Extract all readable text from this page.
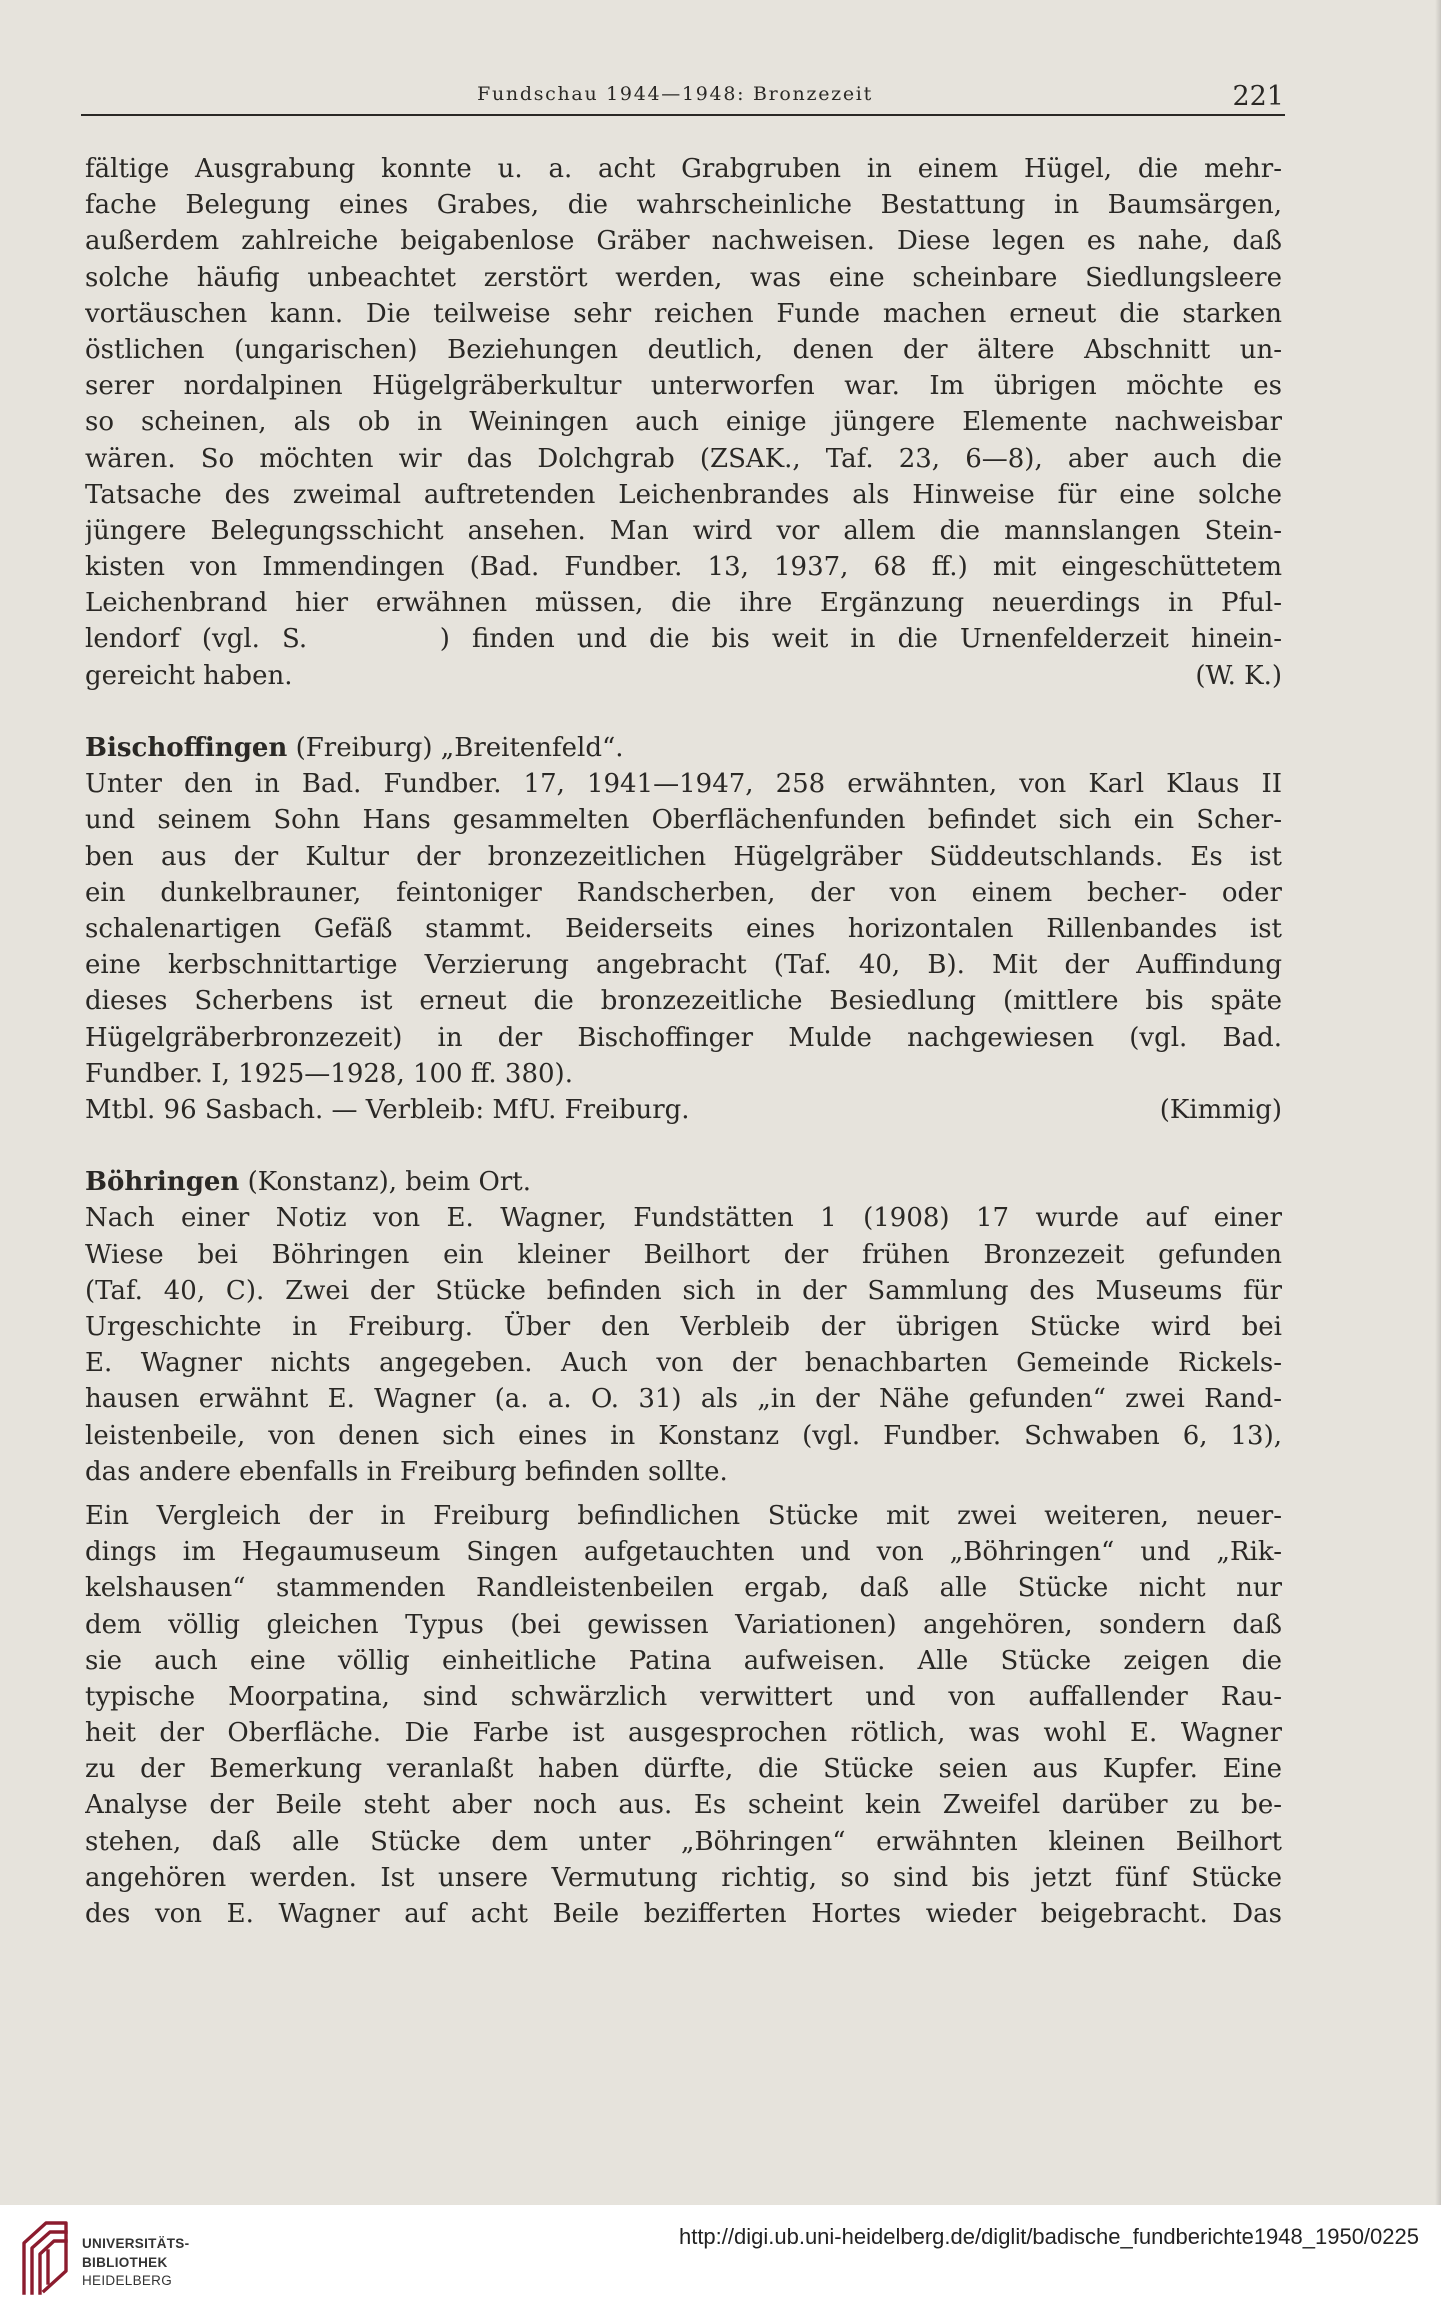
Fundschau 1944—1948: Bronzezeit	221
fältige Ausgrabung konnte u. a. acht Grabgruben in einem Hügel, die mehr-
fache Belegung eines Grabes, die wahrscheinliche Bestattung in Baumsärgen,
außerdem zahlreiche beigabenlose Gräber nachweisen. Diese legen es nahe, daß
solche häufig unbeachtet zerstört werden, was eine scheinbare Siedlungsleere
vortäuschen kann. Die teilweise sehr reichen Funde machen erneut die starken
östlichen (ungarischen) Beziehungen deutlich, denen der ältere Abschnitt un-
serer nordalpinen Hügelgräberkultur unterworfen war. Im übrigen möchte es
so scheinen, als ob in Weiningen auch einige jüngere Elemente nachweisbar
wären. So möchten wir das Dolchgrab (ZSAK., Taf. 23, 6—8), aber auch die
Tatsache des zweimal auftretenden Leichenbrandes als Hinweise für eine solche
jüngere Belegungsschicht ansehen. Man wird vor allem die mannslangen Stein-
kisten von Immendingen (Bad. Fundber. 13, 1937, 68 ff.) mit eingeschüttetem
Leichenbrand hier erwähnen müssen, die ihre Ergänzung neuerdings in Pful-
lendorf (vgl. S.      ) finden und die bis weit in die Urnenfelderzeit hinein-
gereicht haben.	(W. K.)
Bischoffingen (Freiburg) „Breitenfeld“.
Unter den in Bad. Fundber. 17, 1941—1947, 258 erwähnten, von Karl Klaus II
und seinem Sohn Hans gesammelten Oberflächenfunden befindet sich ein Scher-
ben aus der Kultur der bronzezeitlichen Hügelgräber Süddeutschlands. Es ist
ein dunkelbrauner, feintoniger Randscherben, der von einem becher- oder
schalenartigen Gefäß stammt. Beiderseits eines horizontalen Rillenbandes ist
eine kerbschnittartige Verzierung angebracht (Taf. 40, B). Mit der Auffindung
dieses Scherbens ist erneut die bronzezeitliche Besiedlung (mittlere bis späte
Hügelgräberbronzezeit) in der Bischoffinger Mulde nachgewiesen (vgl. Bad.
Fundber. I, 1925—1928, 100 ff. 380).
Mtbl. 96 Sasbach. — Verbleib: MfU. Freiburg.	(Kimmig)
Böhringen (Konstanz), beim Ort.
Nach einer Notiz von E. Wagner, Fundstätten 1 (1908) 17 wurde auf einer
Wiese bei Böhringen ein kleiner Beilhort der frühen Bronzezeit gefunden
(Taf. 40, C). Zwei der Stücke befinden sich in der Sammlung des Museums für
Urgeschichte in Freiburg. Über den Verbleib der übrigen Stücke wird bei
E. Wagner nichts angegeben. Auch von der benachbarten Gemeinde Rickels-
hausen erwähnt E. Wagner (a. a. O. 31) als „in der Nähe gefunden“ zwei Rand-
leistenbeile, von denen sich eines in Konstanz (vgl. Fundber. Schwaben 6, 13),
das andere ebenfalls in Freiburg befinden sollte.
Ein Vergleich der in Freiburg befindlichen Stücke mit zwei weiteren, neuer-
dings im Hegaumuseum Singen aufgetauchten und von „Böhringen“ und „Rik-
kelshausen“ stammenden Randleistenbeilen ergab, daß alle Stücke nicht nur
dem völlig gleichen Typus (bei gewissen Variationen) angehören, sondern daß
sie auch eine völlig einheitliche Patina aufweisen. Alle Stücke zeigen die
typische Moorpatina, sind schwärzlich verwittert und von auffallender Rau-
heit der Oberfläche. Die Farbe ist ausgesprochen rötlich, was wohl E. Wagner
zu der Bemerkung veranlaßt haben dürfte, die Stücke seien aus Kupfer. Eine
Analyse der Beile steht aber noch aus. Es scheint kein Zweifel darüber zu be-
stehen, daß alle Stücke dem unter „Böhringen“ erwähnten kleinen Beilhort
angehören werden. Ist unsere Vermutung richtig, so sind bis jetzt fünf Stücke
des von E. Wagner auf acht Beile bezifferten Hortes wieder beigebracht. Das
UNIVERSITÄTS-
BIBLIOTHEK
HEIDELBERG
http://digi.ub.uni-heidelberg.de/diglit/badische_fundberichte1948_1950/0225
